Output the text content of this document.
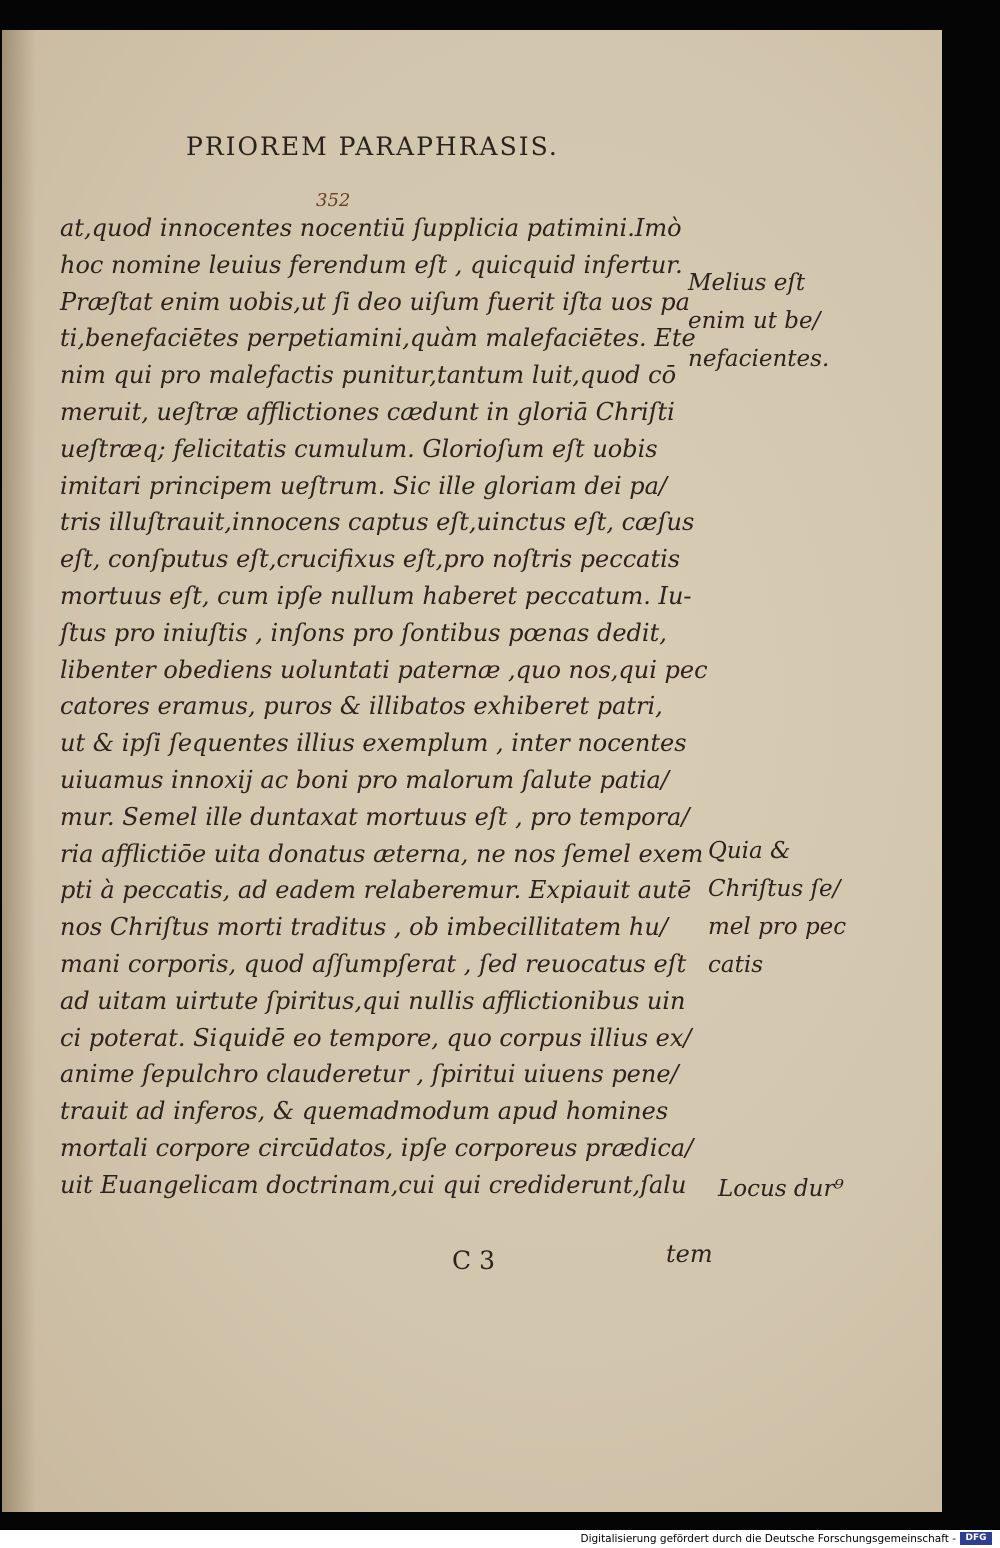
PRIOREM PARAPHRASIS.
352
at,quod innocentes nocentiū ſupplicia patimini.Imò
hoc nomine leuius ferendum eſt , quicquid infertur.
Præſtat enim uobis,ut ſi deo uiſum fuerit iſta uos pa
ti,benefaciētes perpetiamini,quàm malefaciētes. Ete
nim qui pro malefactis punitur,tantum luit,quod cō
meruit, ueſtræ afflictiones cædunt in gloriā Chriſti
ueſtræq; felicitatis cumulum. Glorioſum eſt uobis
imitari principem ueſtrum. Sic ille gloriam dei pa/
tris illuſtrauit,innocens captus eſt,uinctus eſt, cæſus
eſt, conſputus eſt,crucifixus eſt,pro noſtris peccatis
mortuus eſt, cum ipſe nullum haberet peccatum. Iu-
ſtus pro iniuſtis , inſons pro ſontibus pœnas dedit,
libenter obediens uoluntati paternæ ,quo nos,qui pec
catores eramus, puros & illibatos exhiberet patri,
ut & ipſi ſequentes illius exemplum , inter nocentes
uiuamus innoxij ac boni pro malorum ſalute patia/
mur. Semel ille duntaxat mortuus eſt , pro tempora/
ria afflictiōe uita donatus æterna, ne nos ſemel exem
pti à peccatis, ad eadem relaberemur. Expiauit autē
nos Chriſtus morti traditus , ob imbecillitatem hu/
mani corporis, quod aſſumpſerat , ſed reuocatus eſt
ad uitam uirtute ſpiritus,qui nullis afflictionibus uin
ci poterat. Siquidē eo tempore, quo corpus illius ex/
anime ſepulchro clauderetur , ſpiritui uiuens pene/
trauit ad inferos, & quemadmodum apud homines
mortali corpore circūdatos, ipſe corporeus prædica/
uit Euangelicam doctrinam,cui qui crediderunt,ſalu
Melius eſt
enim ut be/
nefacientes.
Quia &
Chriſtus ſe/
mel pro pec
catis
Locus dur⁹
C 3	tem
Digitalisierung gefördert durch die Deutsche Forschungsgemeinschaft -	DFG
